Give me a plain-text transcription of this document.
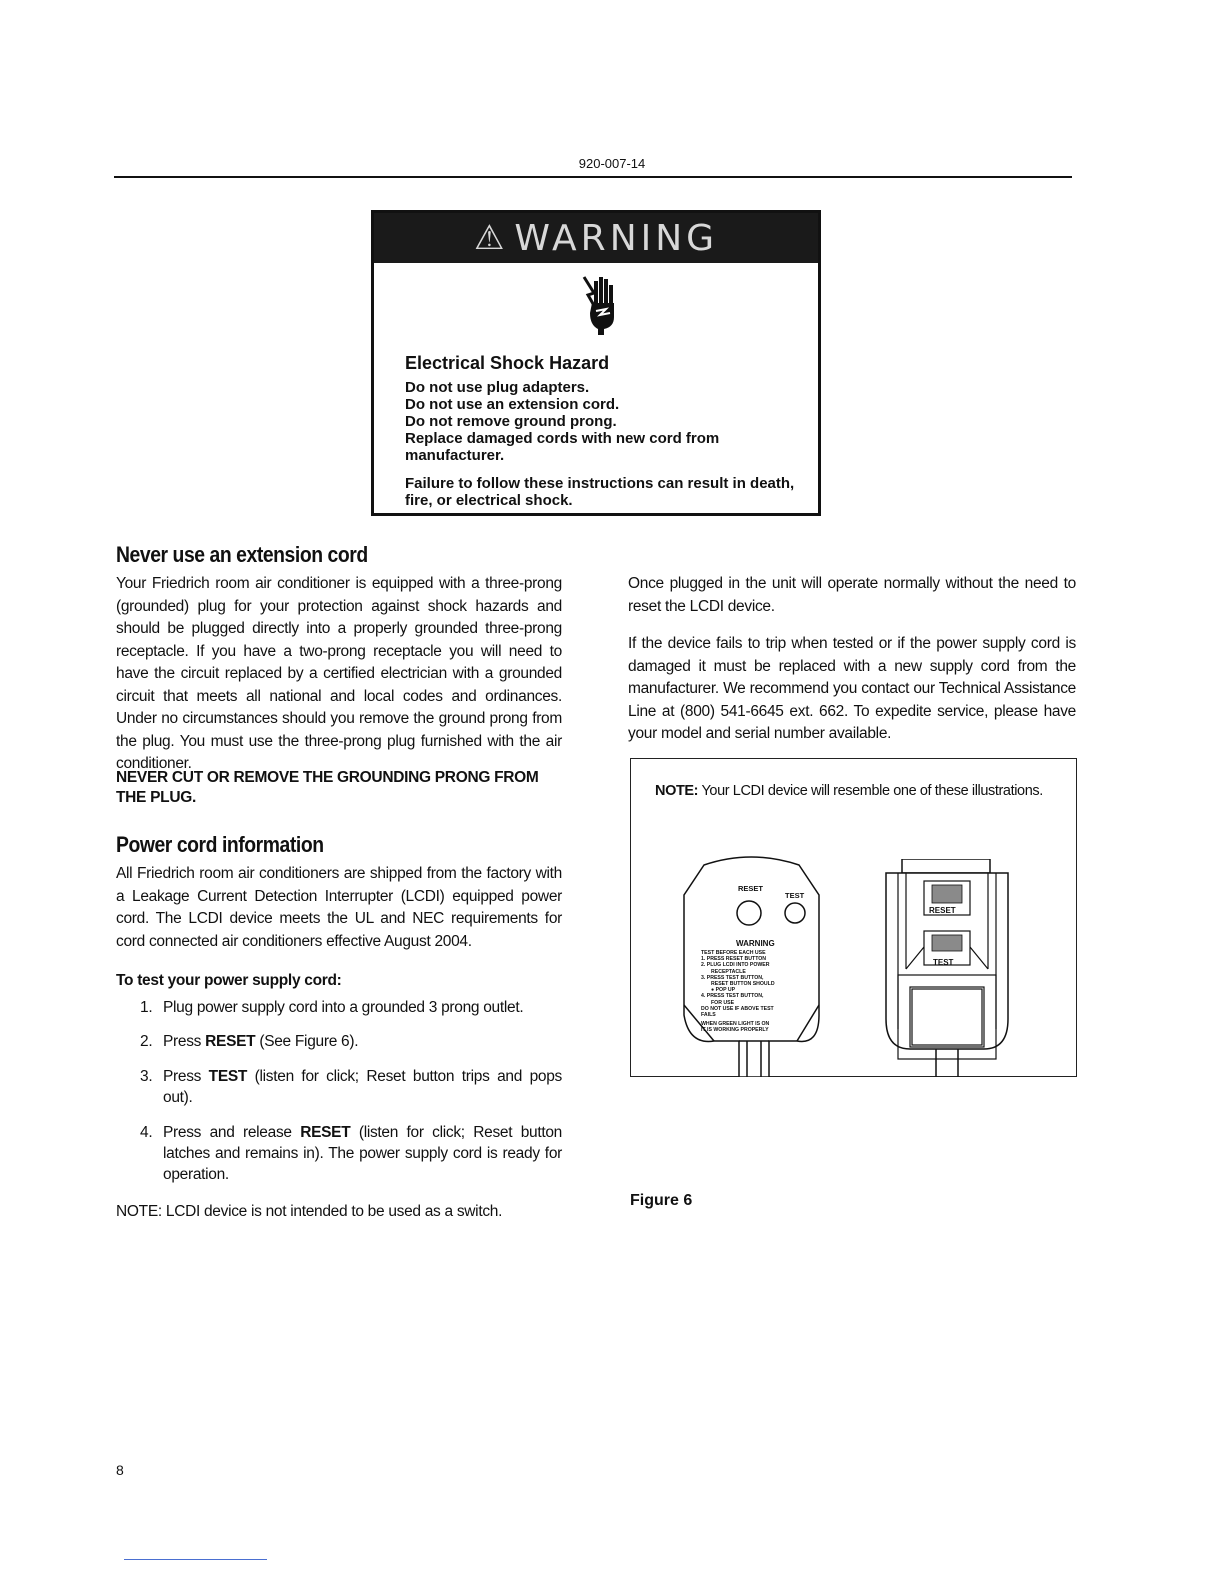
920-007-14
⚠ WARNING
Electrical Shock Hazard
Do not use plug adapters.
Do not use an extension cord.
Do not remove ground prong.
Replace damaged cords with new cord from manufacturer.
Failure to follow these instructions can result in death, fire, or electrical shock.
Never use an extension cord
Your Friedrich room air conditioner is equipped with a three-prong (grounded) plug for your protection against shock hazards and should be plugged directly into a properly grounded three-prong receptacle. If you have a two-prong receptacle you will need to have the circuit replaced by a certified electrician with a grounded circuit that meets all national and local codes and ordinances. Under no circumstances should you remove the ground prong from the plug. You must use the three-prong plug furnished with the air conditioner.
NEVER CUT OR REMOVE THE GROUNDING PRONG FROM THE PLUG.
Power cord information
All Friedrich room air conditioners are shipped from the factory with a Leakage Current Detection Interrupter (LCDI) equipped power cord. The LCDI device meets the UL and NEC requirements for cord connected air conditioners effective August 2004.
To test your power supply cord:
1. Plug power supply cord into a grounded 3 prong outlet.
2. Press RESET (See Figure 6).
3. Press TEST (listen for click; Reset button trips and pops out).
4. Press and release RESET (listen for click; Reset button latches and remains in). The power supply cord is ready for operation.
NOTE: LCDI device is not intended to be used as a switch.
Once plugged in the unit will operate normally without the need to reset the LCDI device.
If the device fails to trip when tested or if the power supply cord is damaged it must be replaced with a new supply cord from the manufacturer. We recommend you contact our Technical Assistance Line at (800) 541-6645 ext. 662. To expedite service, please have your model and serial number available.
NOTE: Your LCDI device will resemble one of these illustrations.
RESET
TEST
WARNING
TEST BEFORE EACH USE
1. PRESS RESET BUTTON
2. PLUG LCDI INTO POWER
RECEPTACLE
3. PRESS TEST BUTTON,
RESET BUTTON SHOULD
● POP UP
4. PRESS TEST BUTTON,
FOR USE
DO NOT USE IF ABOVE TEST
FAILS
WHEN GREEN LIGHT IS ON
IT IS WORKING PROPERLY
RESET
TEST
Figure 6
8
